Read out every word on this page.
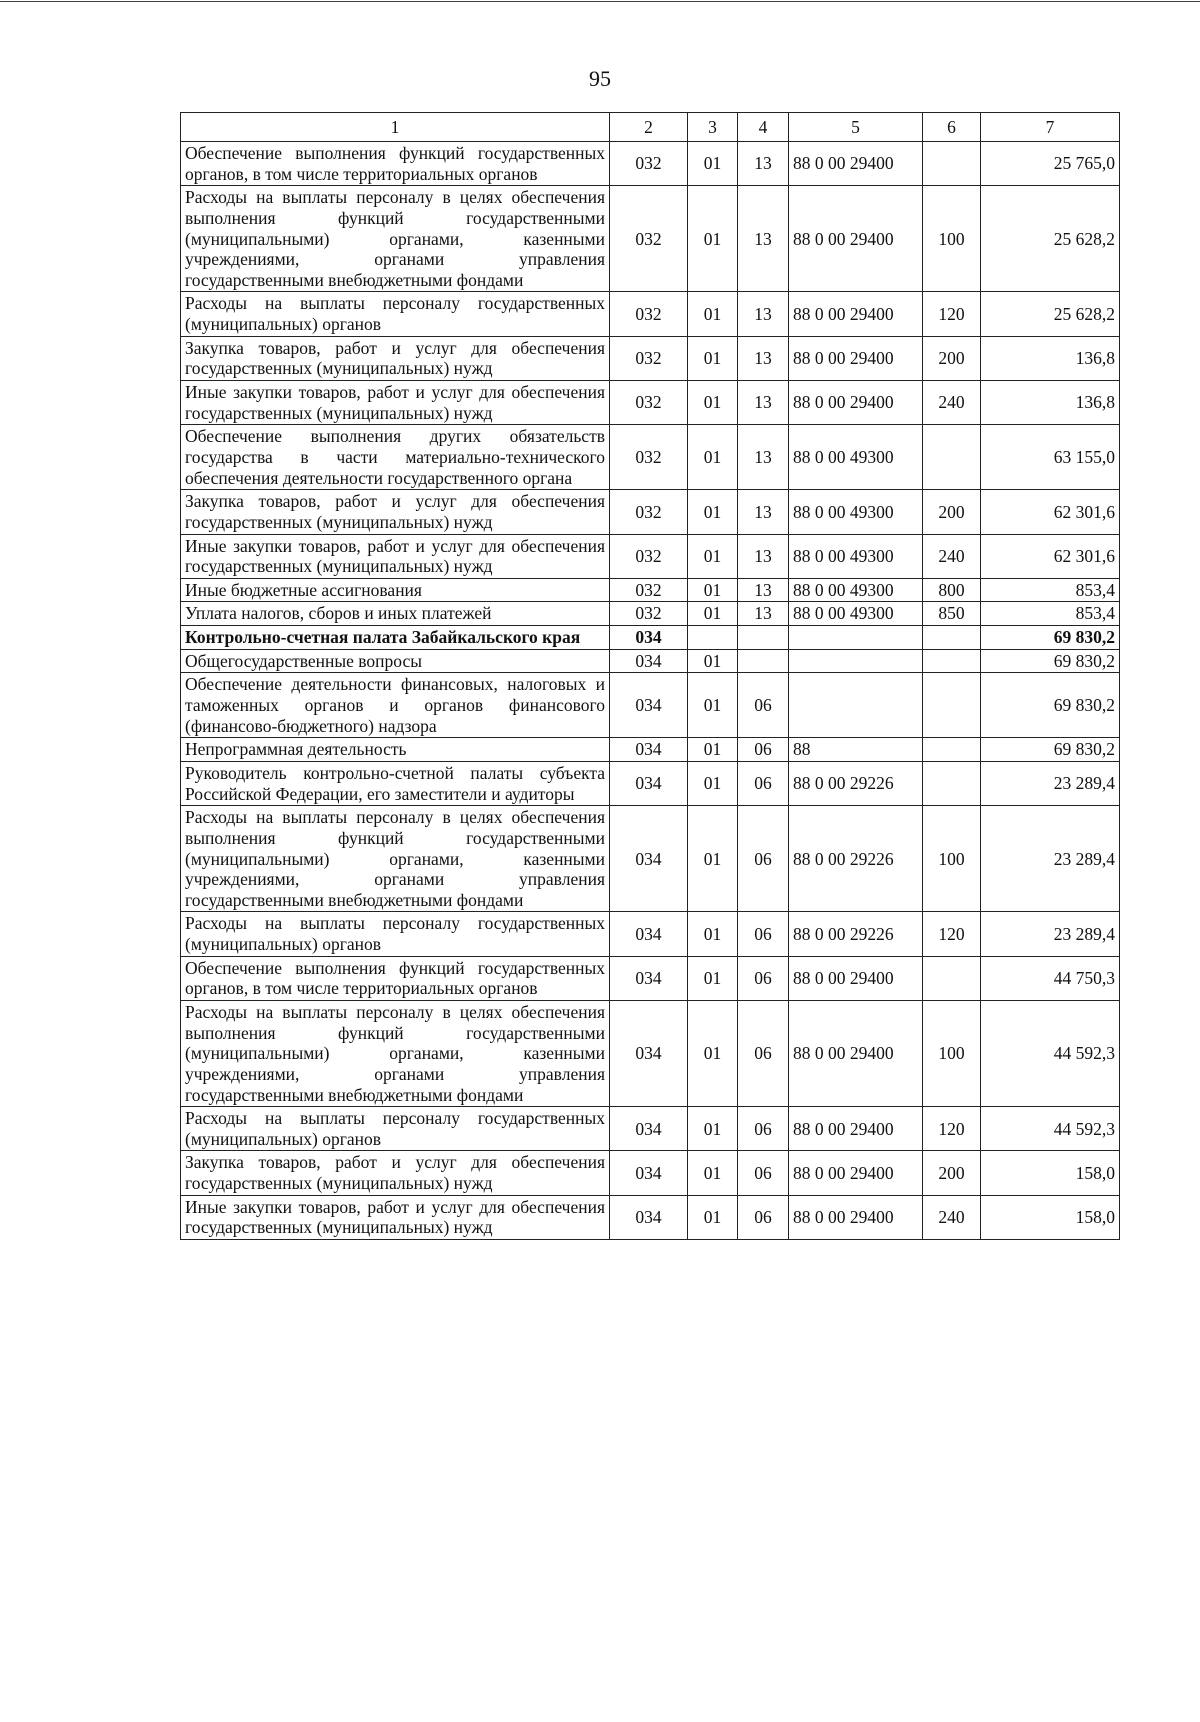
95
1	2	3	4	5	6	7
Обеспечение выполнения функций государственных органов, в том числе территориальных органов	032	01	13	88 0 00 29400		25 765,0
Расходы на выплаты персоналу в целях обеспечения выполнения функций государственными (муниципальными) органами, казенными учреждениями, органами управления государственными внебюджетными фондами	032	01	13	88 0 00 29400	100	25 628,2
Расходы на выплаты персоналу государственных (муниципальных) органов	032	01	13	88 0 00 29400	120	25 628,2
Закупка товаров, работ и услуг для обеспечения государственных (муниципальных) нужд	032	01	13	88 0 00 29400	200	136,8
Иные закупки товаров, работ и услуг для обеспечения государственных (муниципальных) нужд	032	01	13	88 0 00 29400	240	136,8
Обеспечение выполнения других обязательств государства в части материально-технического обеспечения деятельности государственного органа	032	01	13	88 0 00 49300		63 155,0
Закупка товаров, работ и услуг для обеспечения государственных (муниципальных) нужд	032	01	13	88 0 00 49300	200	62 301,6
Иные закупки товаров, работ и услуг для обеспечения государственных (муниципальных) нужд	032	01	13	88 0 00 49300	240	62 301,6
Иные бюджетные ассигнования	032	01	13	88 0 00 49300	800	853,4
Уплата налогов, сборов и иных платежей	032	01	13	88 0 00 49300	850	853,4
Контрольно-счетная палата Забайкальского края	034					69 830,2
Общегосударственные вопросы	034	01				69 830,2
Обеспечение деятельности финансовых, налоговых и таможенных органов и органов финансового (финансово-бюджетного) надзора	034	01	06			69 830,2
Непрограммная деятельность	034	01	06	88		69 830,2
Руководитель контрольно-счетной палаты субъекта Российской Федерации, его заместители и аудиторы	034	01	06	88 0 00 29226		23 289,4
Расходы на выплаты персоналу в целях обеспечения выполнения функций государственными (муниципальными) органами, казенными учреждениями, органами управления государственными внебюджетными фондами	034	01	06	88 0 00 29226	100	23 289,4
Расходы на выплаты персоналу государственных (муниципальных) органов	034	01	06	88 0 00 29226	120	23 289,4
Обеспечение выполнения функций государственных органов, в том числе территориальных органов	034	01	06	88 0 00 29400		44 750,3
Расходы на выплаты персоналу в целях обеспечения выполнения функций государственными (муниципальными) органами, казенными учреждениями, органами управления государственными внебюджетными фондами	034	01	06	88 0 00 29400	100	44 592,3
Расходы на выплаты персоналу государственных (муниципальных) органов	034	01	06	88 0 00 29400	120	44 592,3
Закупка товаров, работ и услуг для обеспечения государственных (муниципальных) нужд	034	01	06	88 0 00 29400	200	158,0
Иные закупки товаров, работ и услуг для обеспечения государственных (муниципальных) нужд	034	01	06	88 0 00 29400	240	158,0
